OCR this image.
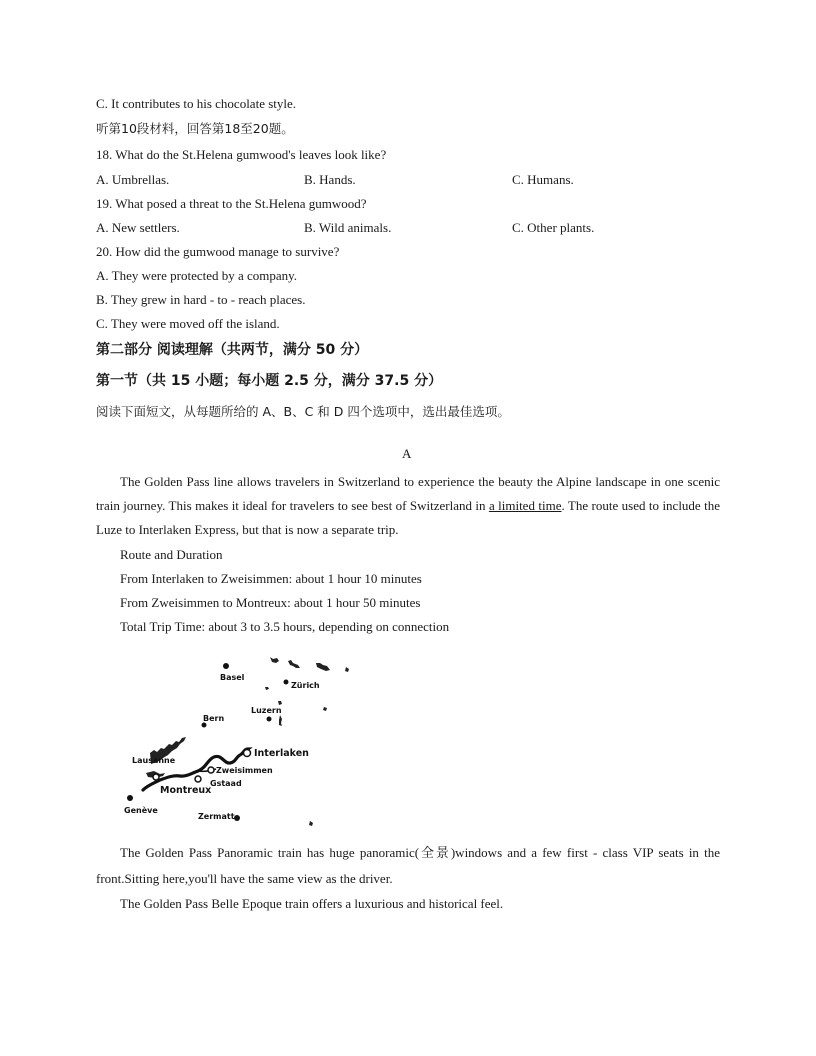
C. It contributes to his chocolate style.
听第10段材料，回答第18至20题。
18. What do the St.Helena gumwood's leaves look like?
A. Umbrellas.	B. Hands.	C. Humans.
19. What posed a threat to the St.Helena gumwood?
A. New settlers.	B. Wild animals.	C. Other plants.
20. How did the gumwood manage to survive?
A. They were protected by a company.
B. They grew in hard - to - reach places.
C. They were moved off the island.
第二部分 阅读理解（共两节，满分 50 分）
第一节（共 15 小题；每小题 2.5 分，满分 37.5 分）
阅读下面短文，从每题所给的 A、B、C 和 D 四个选项中，选出最佳选项。
A
The Golden Pass line allows travelers in Switzerland to experience the beauty the Alpine landscape in one scenic train journey. This makes it ideal for travelers to see best of Switzerland in a limited time. The route used to include the Luze to Interlaken Express, but that is now a separate trip.
Route and Duration
From Interlaken to Zweisimmen: about 1 hour 10 minutes
From Zweisimmen to Montreux: about 1 hour 50 minutes
Total Trip Time: about 3 to 3.5 hours, depending on connection
Basel
Zürich
Bern
Luzern
Interlaken
Lausanne
Zweisimmen
Gstaad
Montreux
Genève
Zermatt
The Golden Pass Panoramic train has huge panoramic(全景)windows and a few first - class VIP seats in the front.Sitting here,you'll have the same view as the driver.
The Golden Pass Belle Epoque train offers a luxurious and historical feel.
